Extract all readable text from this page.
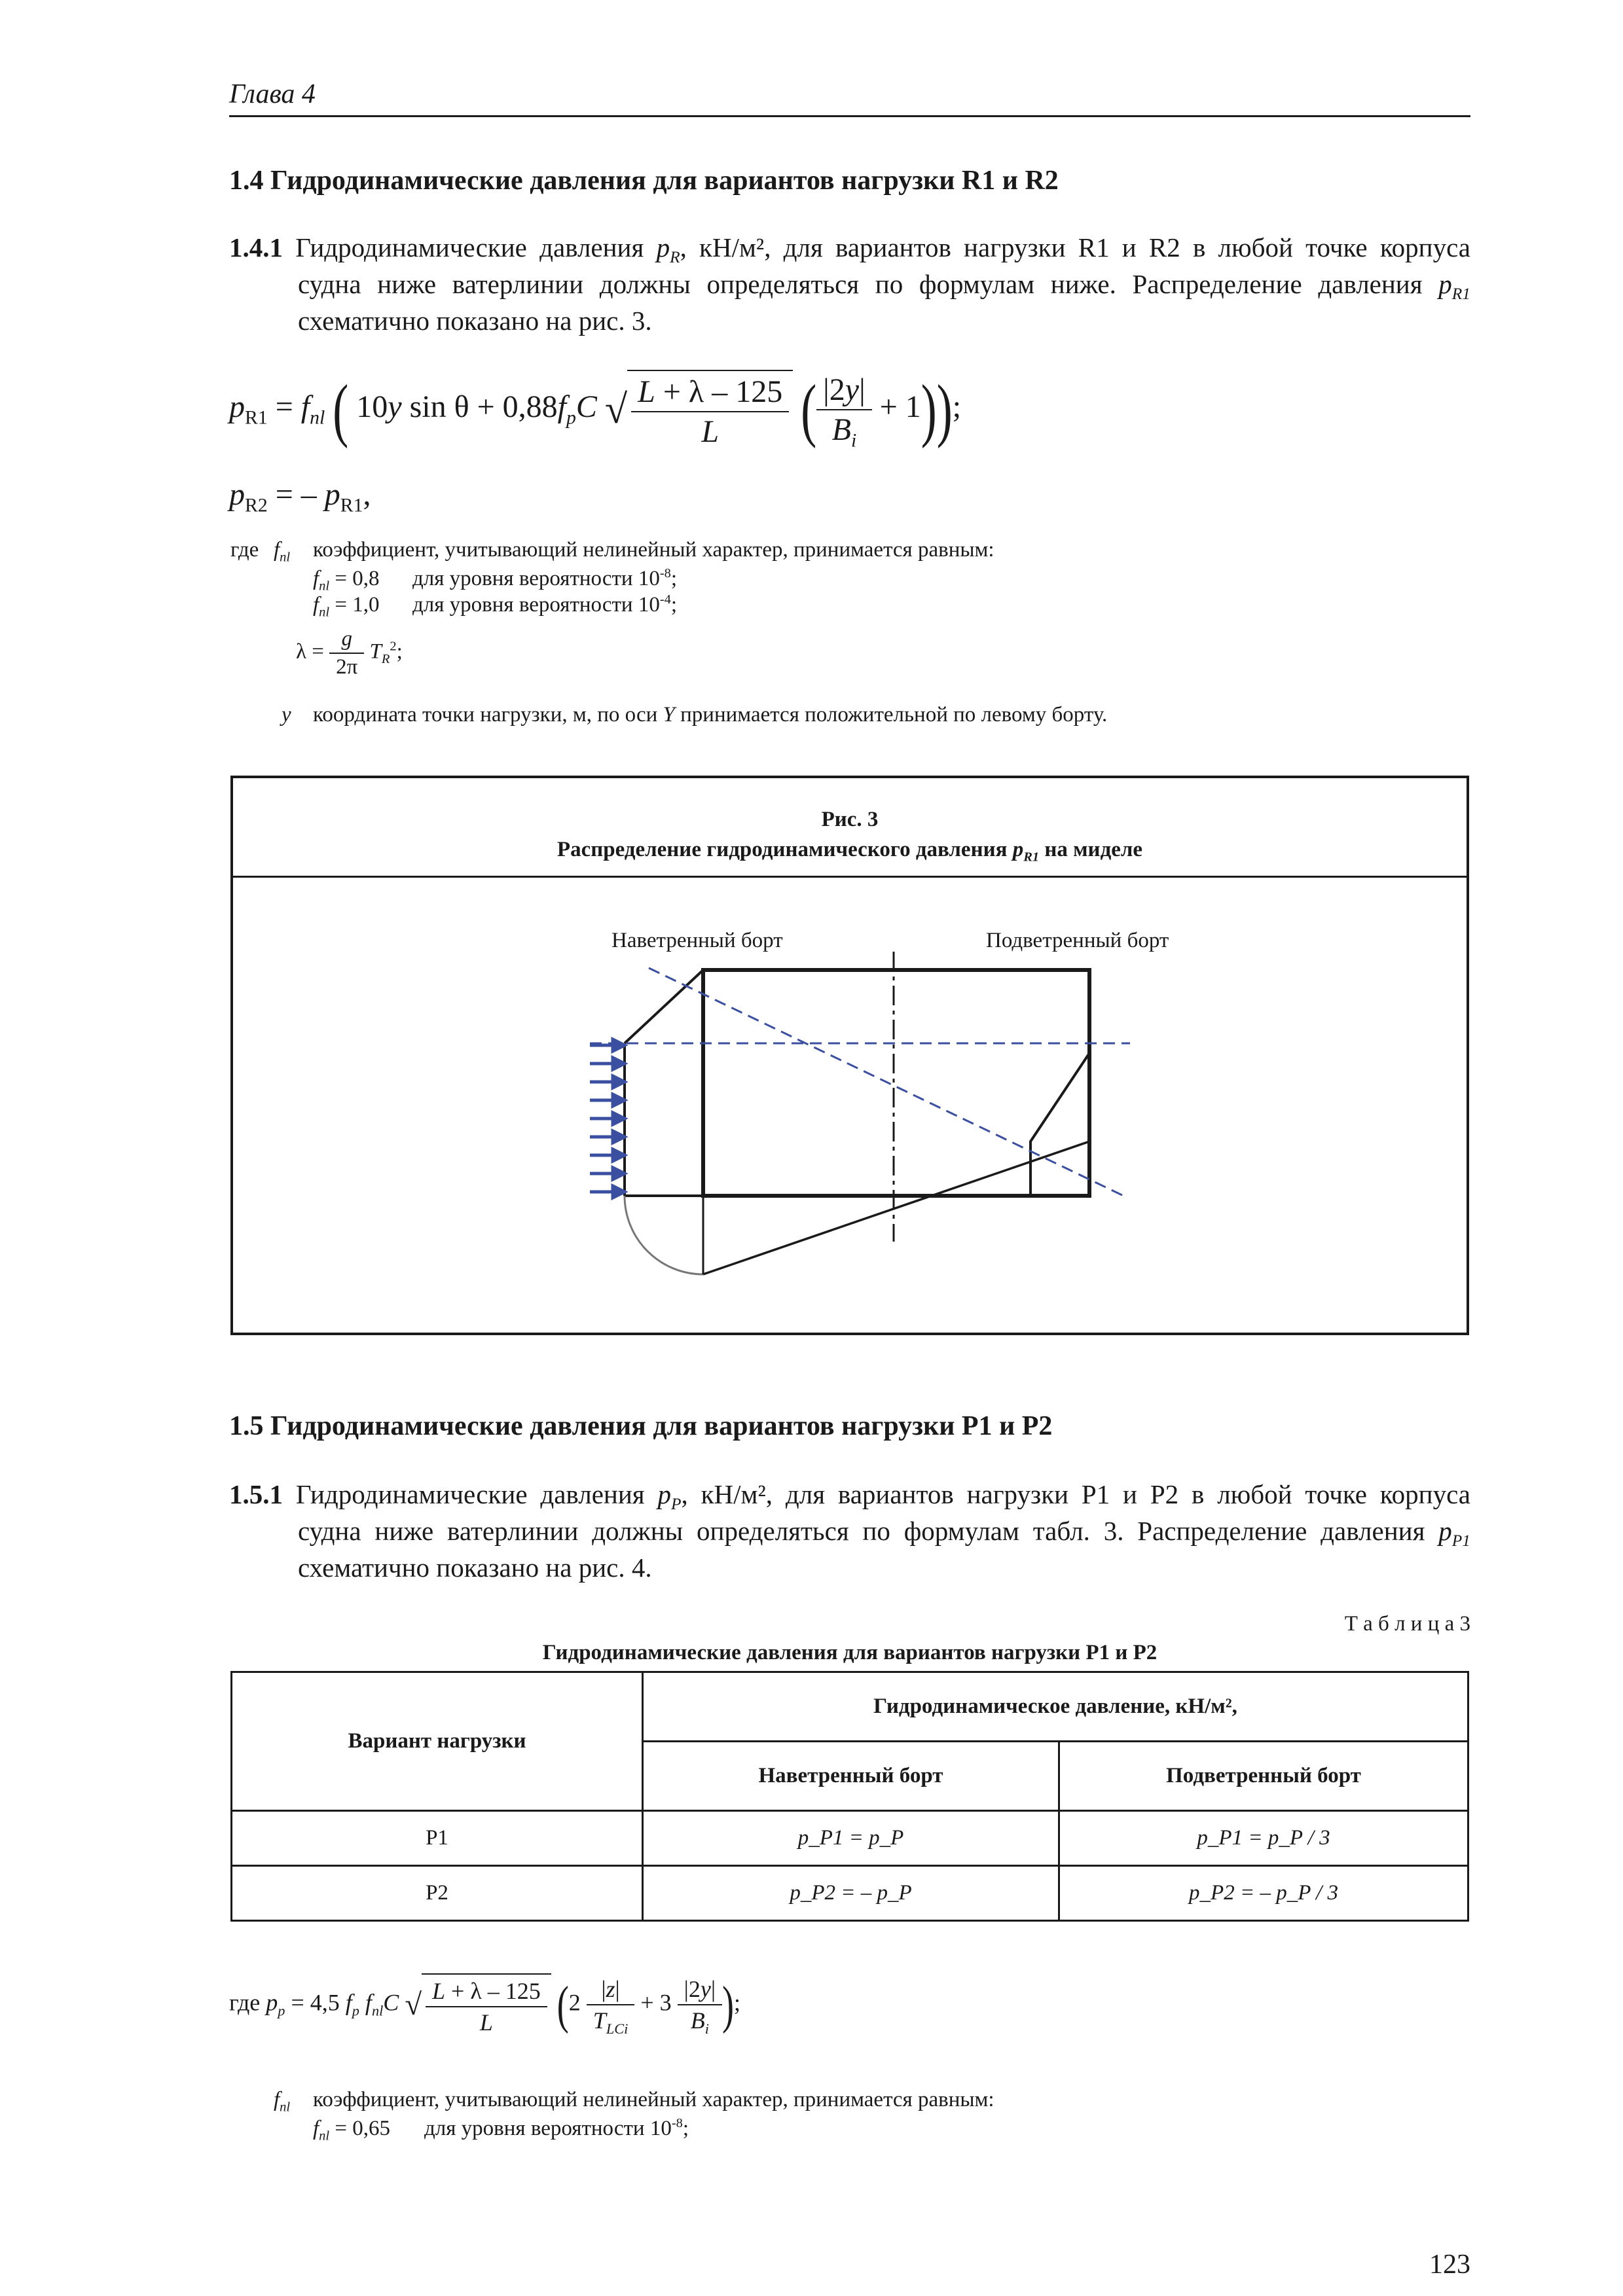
Глава 4
1.4 Гидродинамические давления для вариантов нагрузки R1 и R2
1.4.1 Гидродинамические давления $p_R$, кН/м², для вариантов нагрузки R1 и R2 в любой точке корпуса
судна ниже ватерлинии должны определяться по формулам ниже. Распределение давления $p_{R1}$
схематично показано на рис. 3.
$p_{R1} = f_{nl}$ ( 10y $\sin \theta + 0,88f_pC$ √ $\frac{L + \lambda - 125}{L}$ ( $\frac{|2y|}{B_i} + 1$));
$p_{R2}$ = – $p_{R1}$,
где $f_{nl}$ коэффициент, учитывающий нелинейный характер, принимается равным:
$f_{nl} = 0,8$ для уровня вероятности $10^{-8}$;
$f_{nl} = 1,0$ для уровня вероятности $10^{-4}$;
$\lambda = \frac{g}{2\pi} T_R^2$;
y координата точки нагрузки, м, по оси Y принимается положительной по левому борту.
Рис. 3
Распределение гидродинамического давления $p_{R1}$ на миделе
Наветренный борт	Подветренный борт
1.5 Гидродинамические давления для вариантов нагрузки P1 и P2
1.5.1 Гидродинамические давления $p_P$, кН/м², для вариантов нагрузки P1 и P2 в любой точке корпуса
судна ниже ватерлинии должны определяться по формулам табл. 3. Распределение давления $p_{P1}$
схематично показано на рис. 4.
Т а б л и ц а 3
Гидродинамические давления для вариантов нагрузки P1 и P2
Вариант нагрузки	Гидродинамическое давление, кН/м²,	
	Наветренный борт	Подветренный борт
P1	p_P1 = p_P	p_P1 = p_P / 3
P2	p_P2 = – p_P	p_P2 = – p_P / 3
где $p_p = 4,5$ $f_p$ $f_{nl}C$ √ $\frac{L + \lambda - 125}{L} (2 \frac{|z|}{T_{LCi}} + 3 \frac{|2y|}{B_i}$ );
$f_{nl}$ коэффициент, учитывающий нелинейный характер, принимается равным:
$f_{nl} = 0,65$ для уровня вероятности $10^{-8}$;
123
